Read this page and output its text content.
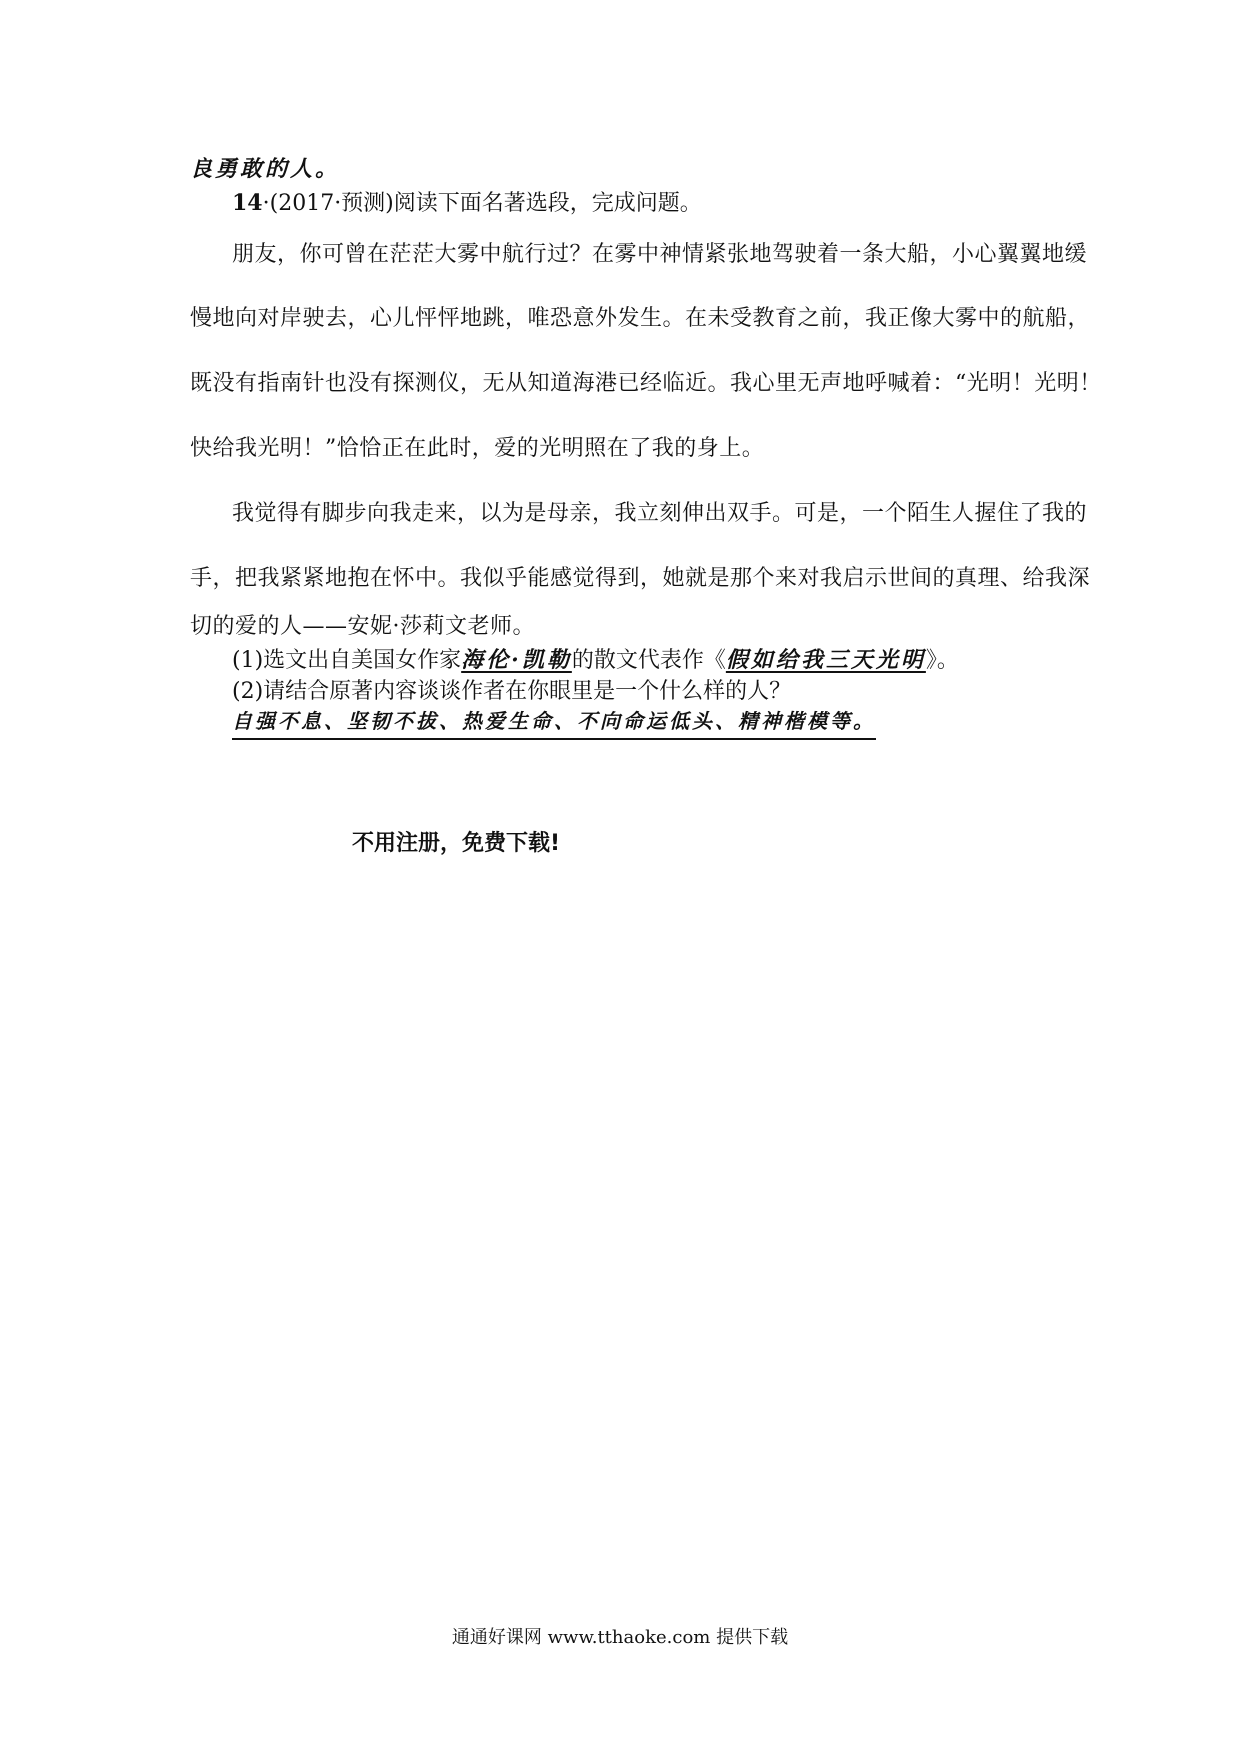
良勇敢的人。
14·(2017·预测)阅读下面名著选段，完成问题。
朋友，你可曾在茫茫大雾中航行过？在雾中神情紧张地驾驶着一条大船，小心翼翼地缓
慢地向对岸驶去，心儿怦怦地跳，唯恐意外发生。在未受教育之前，我正像大雾中的航船，
既没有指南针也没有探测仪，无从知道海港已经临近。我心里无声地呼喊着：“光明！光明！
快给我光明！”恰恰正在此时，爱的光明照在了我的身上。
我觉得有脚步向我走来，以为是母亲，我立刻伸出双手。可是，一个陌生人握住了我的
手，把我紧紧地抱在怀中。我似乎能感觉得到，她就是那个来对我启示世间的真理、给我深
切的爱的人——安妮·莎莉文老师。
(1)选文出自美国女作家海伦·凯勒的散文代表作《假如给我三天光明》。
(2)请结合原著内容谈谈作者在你眼里是一个什么样的人？
自强不息、坚韧不拔、热爱生命、不向命运低头、精神楷模等。
不用注册，免费下载!
通通好课网 www.tthaoke.com 提供下载
